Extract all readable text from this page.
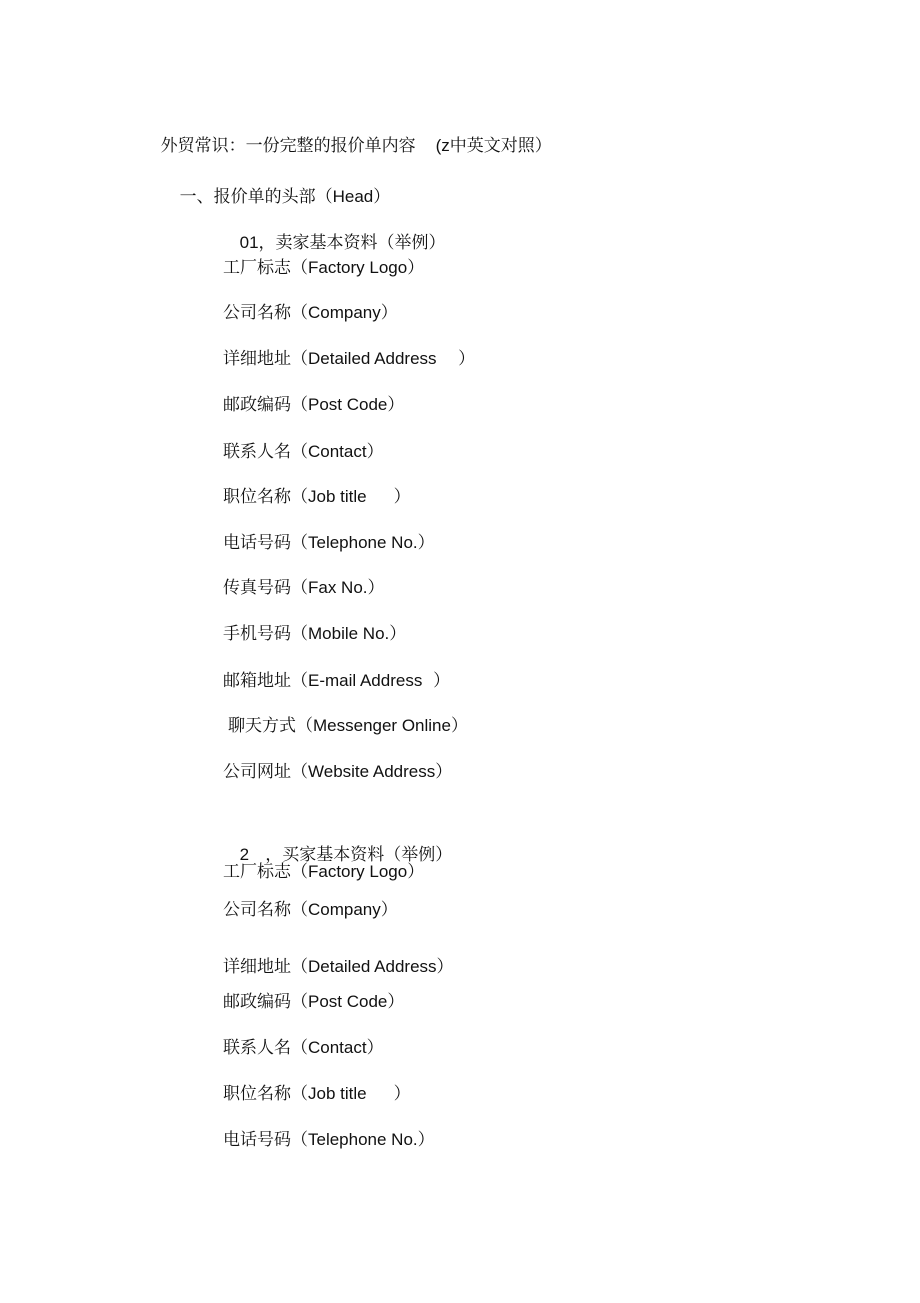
外贸常识：一份完整的报价单内容 (z中英文对照）

一、报价单的头部（Head）

01，卖家基本资料（举例）

工厂标志（Factory Logo）
公司名称（Company）
详细地址（Detailed Address    ）
邮政编码（Post Code）
联系人名（Contact）
职位名称（Job title     ）
电话号码（Telephone No.）
传真号码（Fax No.）
手机号码（Mobile No.）
邮箱地址（E-mail Address  ）
聊天方式（Messenger Online）
公司网址（Website Address）

2   ，买家基本资料（举例）

工厂标志（Factory Logo）
公司名称（Company）
详细地址（Detailed Address）
邮政编码（Post Code）
联系人名（Contact）
职位名称（Job title     ）
电话号码（Telephone No.）
